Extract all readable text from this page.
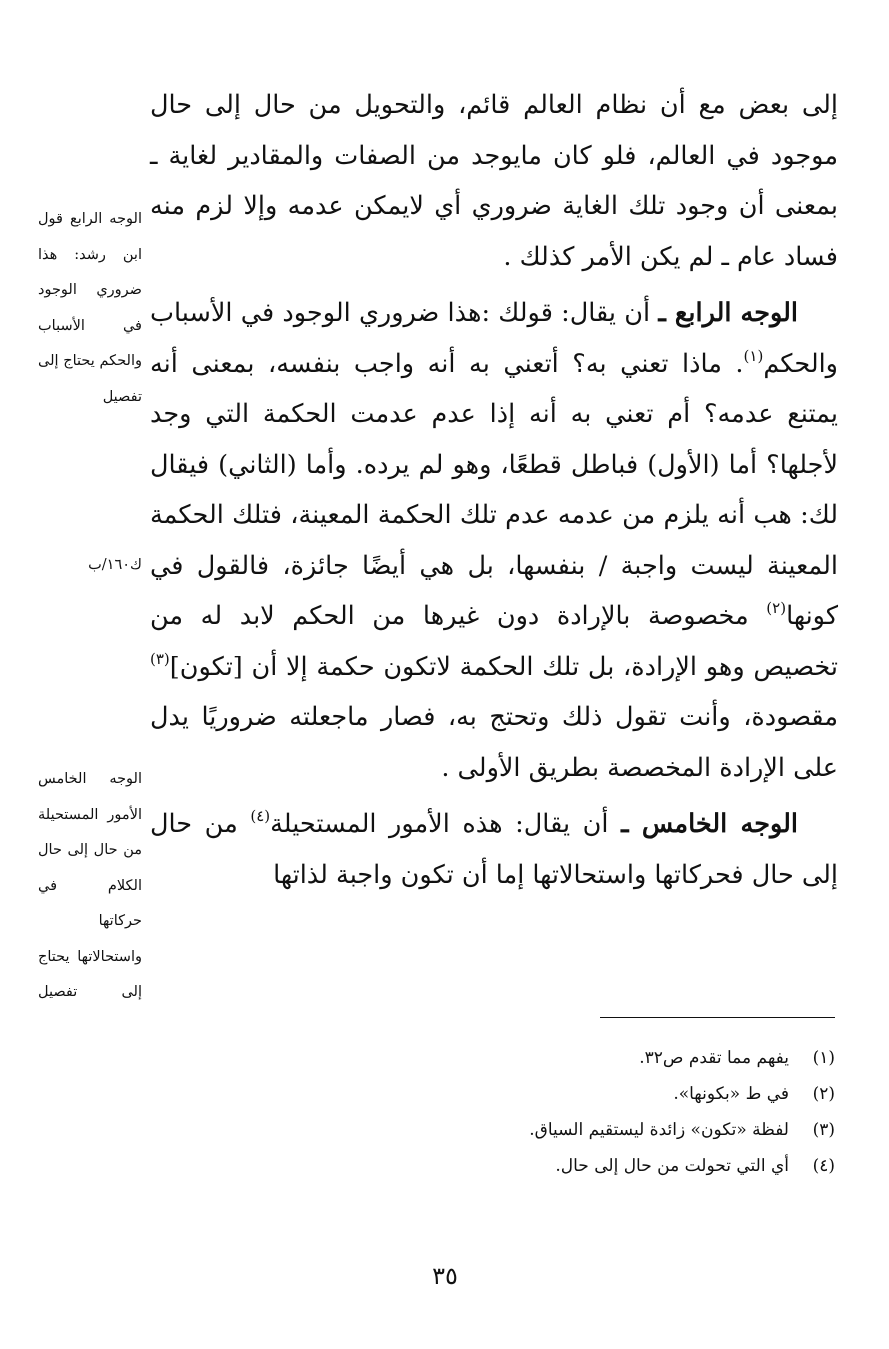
إلى بعض مع أن نظام العالم قائم، والتحويل من حال إلى حال موجود في العالم، فلو كان مايوجد من الصفات والمقادير لغاية ـ بمعنى أن وجود تلك الغاية ضروري أي لايمكن عدمه وإلا لزم منه فساد عام ـ لم يكن الأمر كذلك .

الوجه الرابع ـ أن يقال: قولك :هذا ضروري الوجود في الأسباب والحكم$^{(١)}$. ماذا تعني به؟ أتعني به أنه واجب بنفسه، بمعنى أنه يمتنع عدمه؟ أم تعني به أنه إذا عدم عدمت الحكمة التي وجد لأجلها؟ أما (الأول) فباطل قطعًا، وهو لم يرده. وأما (الثاني) فيقال لك: هب أنه يلزم من عدمه عدم تلك الحكمة المعينة، فتلك الحكمة المعينة ليست واجبة / بنفسها، بل هي أيضًا جائزة، فالقول في كونها$^{(٢)}$ مخصوصة بالإرادة دون غيرها من الحكم لابد له من تخصيص وهو الإرادة، بل تلك الحكمة لاتكون حكمة إلا أن [تكون]$^{(٣)}$ مقصودة، وأنت تقول ذلك وتحتج به، فصار ماجعلته ضروريًا يدل على الإرادة المخصصة بطريق الأولى .

الوجه الخامس ـ أن يقال: هذه الأمور المستحيلة$^{(٤)}$ من حال إلى حال فحركاتها واستحالاتها إما أن تكون واجبة لذاتها

الوجه الرابع قول ابن رشد: هذا ضروري الوجود في الأسباب والحكم يحتاج إلى تفصيل
ك١٦٠/ب
الوجه الخامس الأمور المستحيلة من حال إلى حال الكلام في حركاتها واستحالاتها يحتاج إلى تفصيل
(١)
يفهم مما تقدم ص٣٢.
(٢)
في ط «بكونها».
(٣)
لفظة «تكون» زائدة ليستقيم السياق.
(٤)
أي التي تحولت من حال إلى حال.
٣٥
